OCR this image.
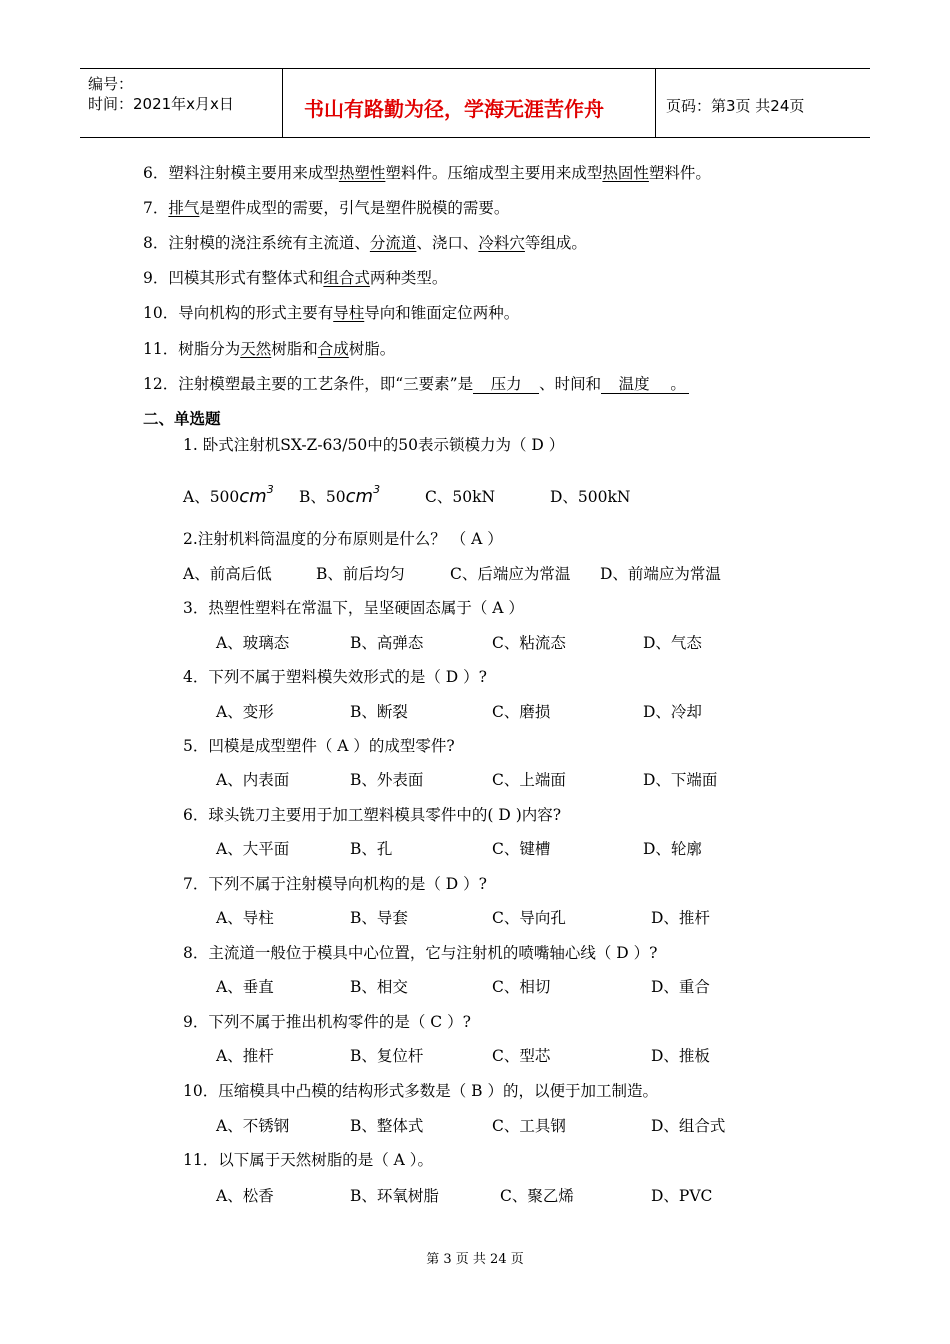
编号：
时间：2021年x月x日	书山有路勤为径，学海无涯苦作舟	页码：第3页 共24页
6．塑料注射模主要用来成型热塑性塑料件。压缩成型主要用来成型热固性塑料件。
7．排气是塑件成型的需要，引气是塑件脱模的需要。
8．注射模的浇注系统有主流道、分流道、浇口、冷料穴等组成。
9．凹模其形式有整体式和组合式两种类型。
10．导向机构的形式主要有导柱导向和锥面定位两种。
11．树脂分为天然树脂和合成树脂。
12．注射模塑最主要的工艺条件，即“三要素”是 压力 、时间和 温度 。
二、单选题
1. 卧式注射机SX-Z-63/50中的50表示锁模力为（ D ）
A、$500cm^3$ B、$50cm^3$	C、50kN	D、500kN
2.注射机料筒温度的分布原则是什么？ （ A ）
A、前高后低	B、前后均匀	C、后端应为常温 D、前端应为常温
3．热塑性塑料在常温下，呈坚硬固态属于（ A ）
A、玻璃态	B、高弹态	C、粘流态	D、气态
4．下列不属于塑料模失效形式的是（ D ）?
A、变形	B、断裂	C、磨损	D、冷却
5．凹模是成型塑件（ A ）的成型零件?
A、内表面	B、外表面	C、上端面	D、下端面
6．球头铣刀主要用于加工塑料模具零件中的( D )内容?
A、大平面	B、孔	C、键槽	D、轮廓
7．下列不属于注射模导向机构的是（ D ）?
A、导柱	B、导套	C、导向孔	D、推杆
8．主流道一般位于模具中心位置，它与注射机的喷嘴轴心线（ D ）?
A、垂直	B、相交	C、相切	D、重合
9．下列不属于推出机构零件的是（ C ）?
A、推杆	B、复位杆	C、型芯	D、推板
10．压缩模具中凸模的结构形式多数是（ B ）的，以便于加工制造。
A、不锈钢	B、整体式	C、工具钢	D、组合式
11．以下属于天然树脂的是（ A ）。
A、松香	B、环氧树脂	C、聚乙烯	D、PVC
第 3 页 共 24 页
